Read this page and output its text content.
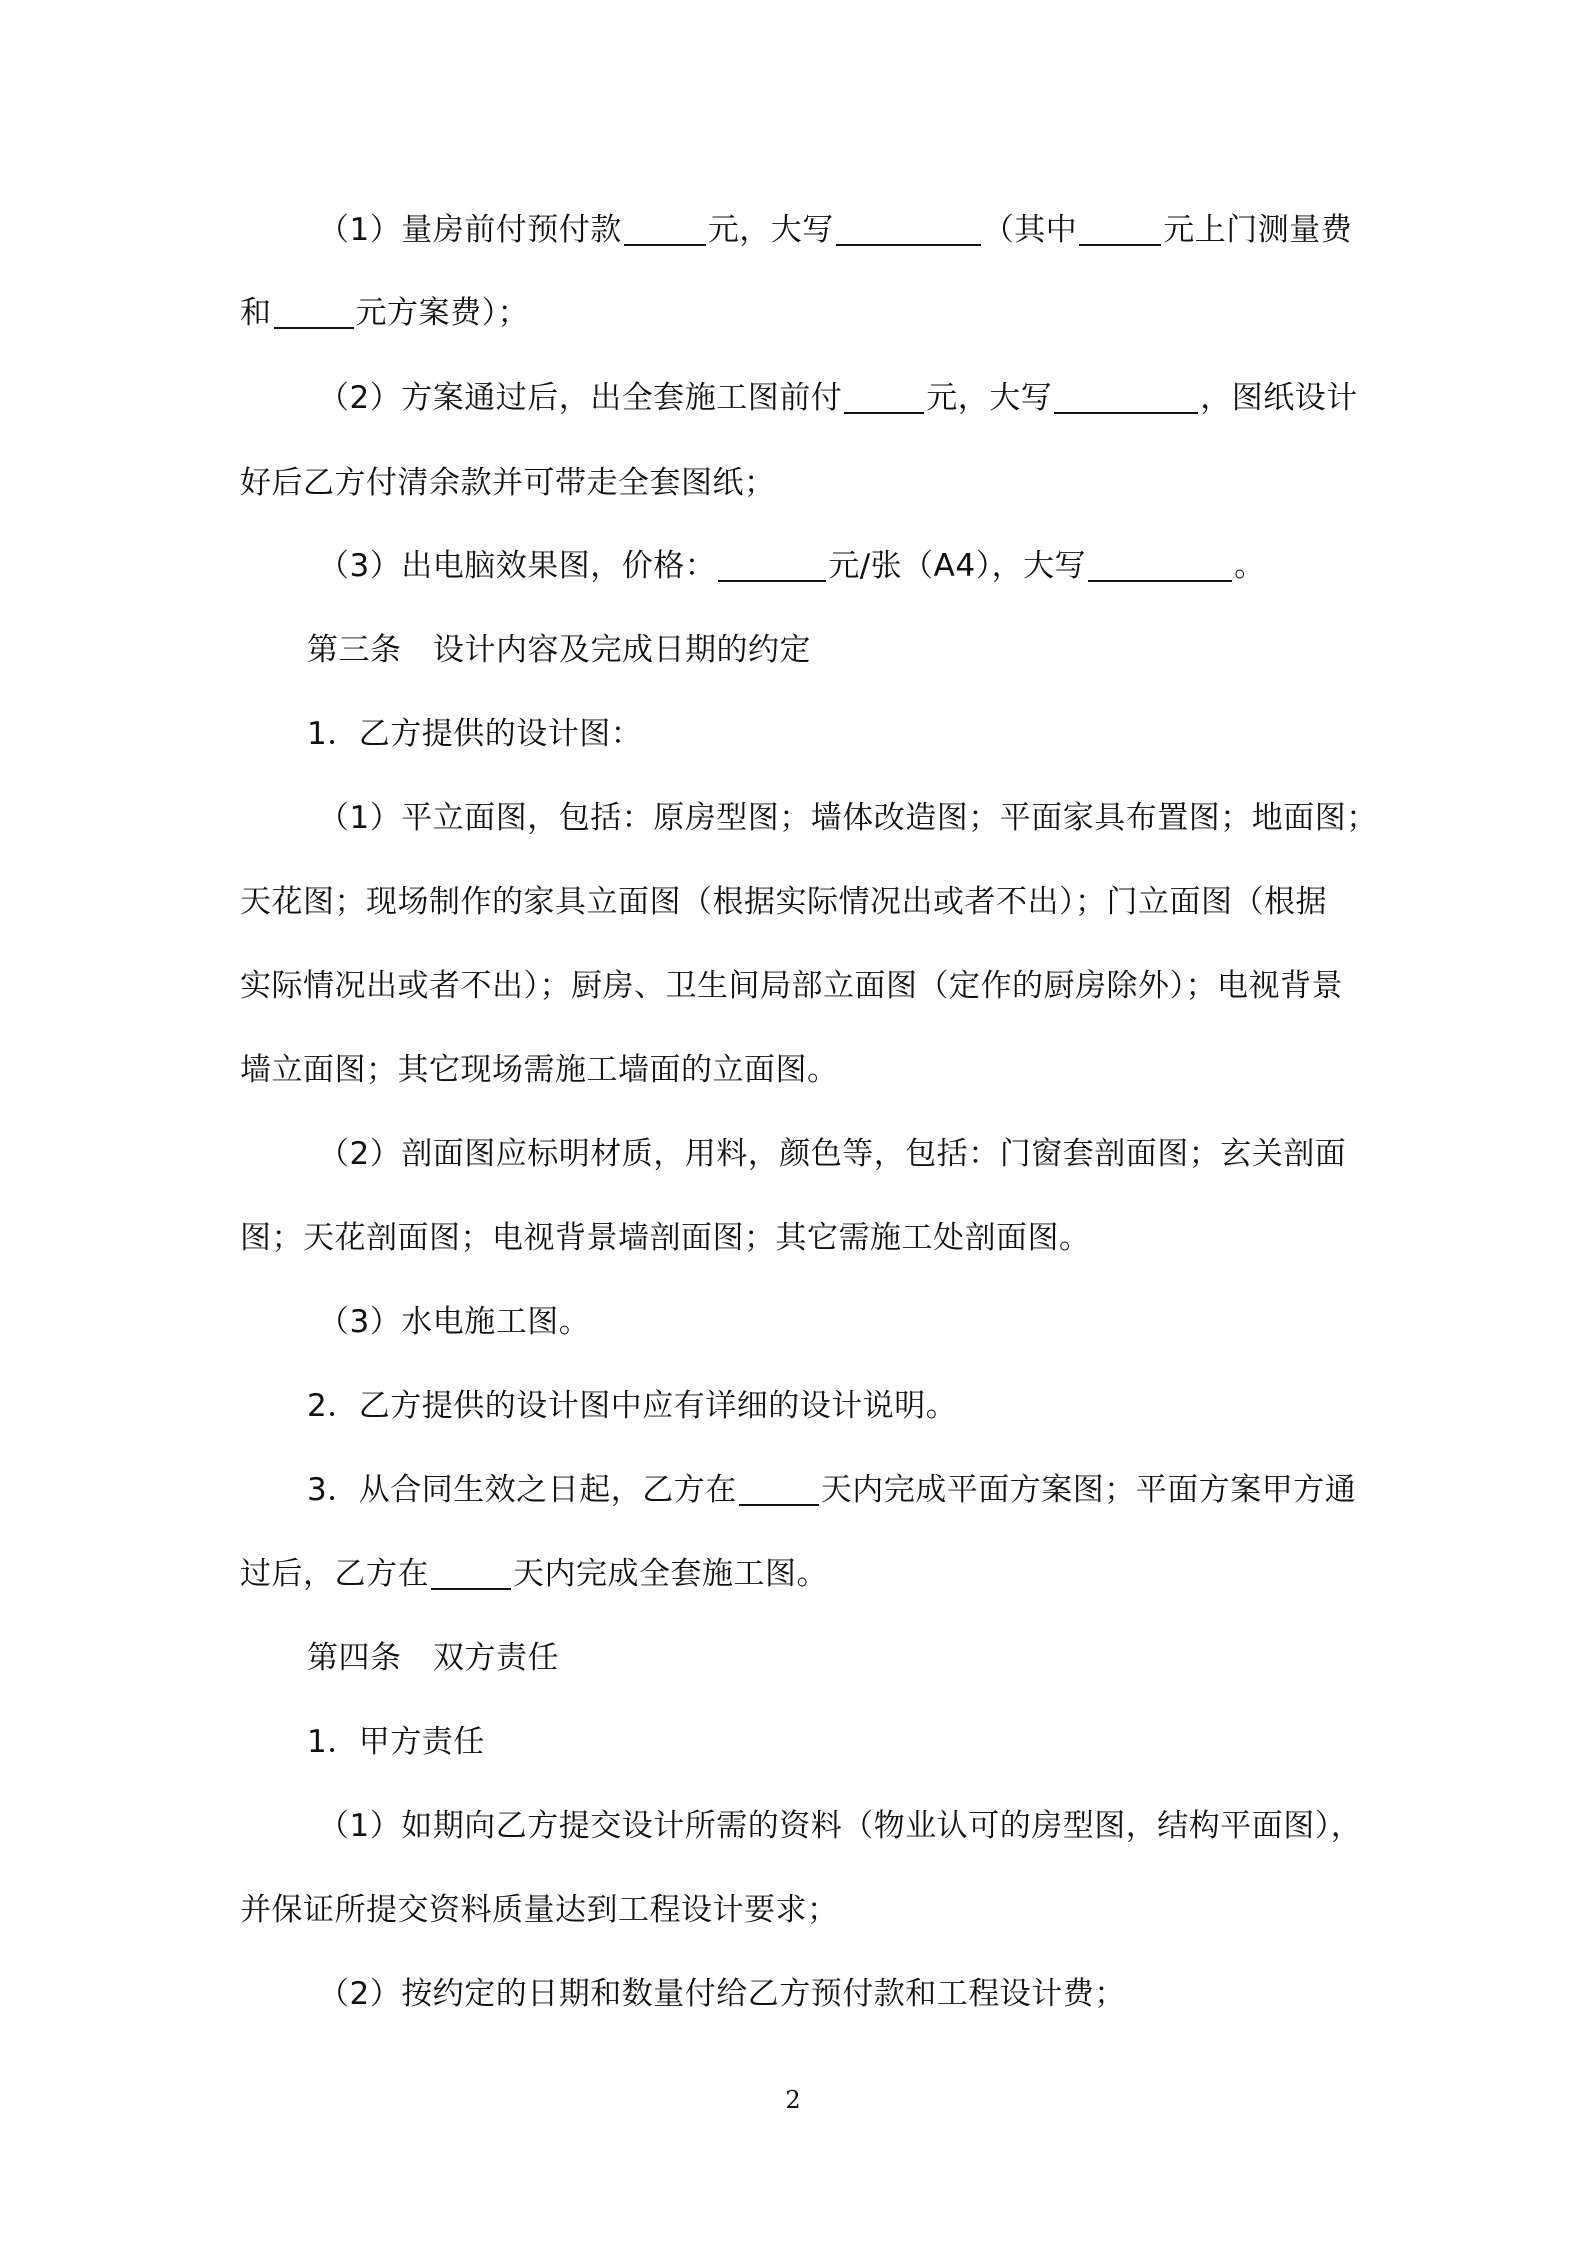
（1）量房前付预付款	元，大写	（其中	元上门测量费
和	元方案费）；
（2）方案通过后，出全套施工图前付	元，大写	，图纸设计
好后乙方付清余款并可带走全套图纸；
（3）出电脑效果图，价格：	元/张（A4），大写	。
第三条　设计内容及完成日期的约定
1．乙方提供的设计图：
（1）平立面图，包括：原房型图；墙体改造图；平面家具布置图；地面图；
天花图；现场制作的家具立面图（根据实际情况出或者不出）；门立面图（根据
实际情况出或者不出）；厨房、卫生间局部立面图（定作的厨房除外）；电视背景
墙立面图；其它现场需施工墙面的立面图。
（2）剖面图应标明材质，用料，颜色等，包括：门窗套剖面图；玄关剖面
图；天花剖面图；电视背景墙剖面图；其它需施工处剖面图。
（3）水电施工图。
2．乙方提供的设计图中应有详细的设计说明。
3．从合同生效之日起，乙方在	天内完成平面方案图；平面方案甲方通
过后，乙方在	天内完成全套施工图。
第四条　双方责任
1．甲方责任
（1）如期向乙方提交设计所需的资料（物业认可的房型图，结构平面图），
并保证所提交资料质量达到工程设计要求；
（2）按约定的日期和数量付给乙方预付款和工程设计费；
2
